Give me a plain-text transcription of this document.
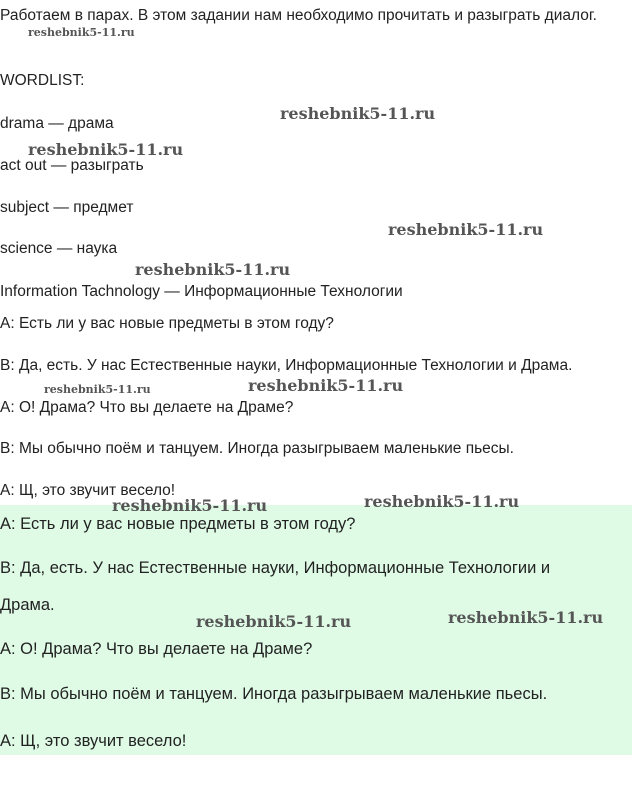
Работаем в парах. В этом задании нам необходимо прочитать и разыграть диалог.
WORDLIST:
drama — драма
act out — разыграть
subject — предмет
science — наука
Information Tachnology — Информационные Технологии
A: Есть ли у вас новые предметы в этом году?
B: Да, есть. У нас Естественные науки, Информационные Технологии и Драма.
A: О! Драма? Что вы делаете на Драме?
B: Мы обычно поём и танцуем. Иногда разыгрываем маленькие пьесы.
A: Щ, это звучит весело!
A: Есть ли у вас новые предметы в этом году?
B: Да, есть. У нас Естественные науки, Информационные Технологии и
Драма.
A: О! Драма? Что вы делаете на Драме?
B: Мы обычно поём и танцуем. Иногда разыгрываем маленькие пьесы.
A: Щ, это звучит весело!
reshebnik5-11.ru
reshebnik5-11.ru
reshebnik5-11.ru
reshebnik5-11.ru
reshebnik5-11.ru
reshebnik5-11.ru	reshebnik5-11.ru
reshebnik5-11.ru	reshebnik5-11.ru
reshebnik5-11.ru	reshebnik5-11.ru
